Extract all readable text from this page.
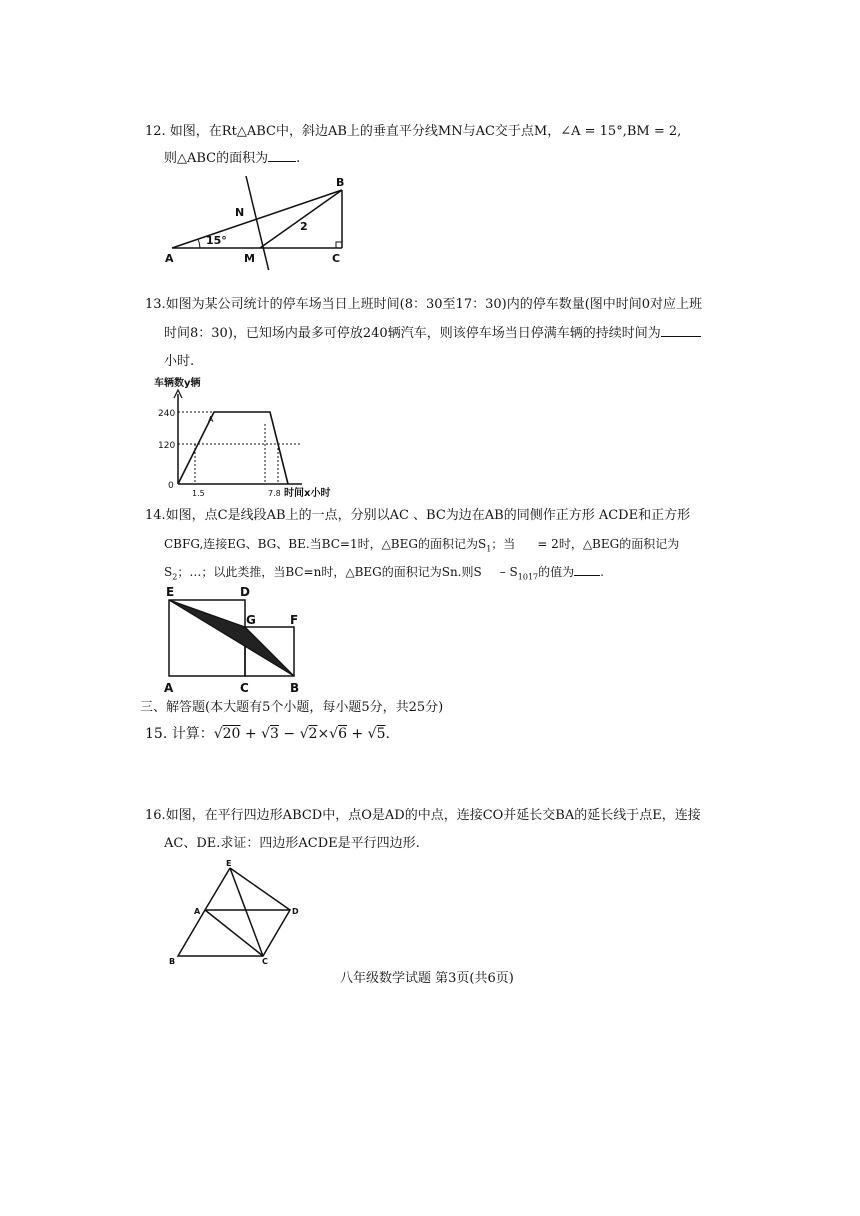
12. 如图，在Rt△ABC中，斜边AB上的垂直平分线MN与AC交于点M，∠A = 15°,BM = 2,
则△ABC的面积为 .
A
B
C
M
N
15°
2
13.如图为某公司统计的停车场当日上班时间(8：30至17：30)内的停车数量(图中时间0对应上班
时间8：30)，已知场内最多可停放240辆汽车，则该停车场当日停满车辆的持续时间为
小时.
车辆数y辆
240
120
0
1.5	7.8 时间x小时
A
14.如图，点C是线段AB上的一点，分别以AC 、BC为边在AB的同侧作正方形 ACDE和正方形
CBFG,连接EG、BG、BE.当BC=1时，△BEG的面积记为$S_1$；当 = 2时，△BEG的面积记为
$S_2$；…；以此类推，当BC=n时，△BEG的面积记为Sn.则S – $S_{1017}$的值为 .
E	D
G	F
A	C	B
三、解答题(本大题有5个小题，每小题5分，共25分)
15. 计算：√20 + √3 − √2×√6 + √5.
16.如图，在平行四边形ABCD中，点O是AD的中点，连接CO并延长交BA的延长线于点E，连接
AC、DE.求证：四边形ACDE是平行四边形.
E
A	D
B	C
八年级数学试题 第3页(共6页)
